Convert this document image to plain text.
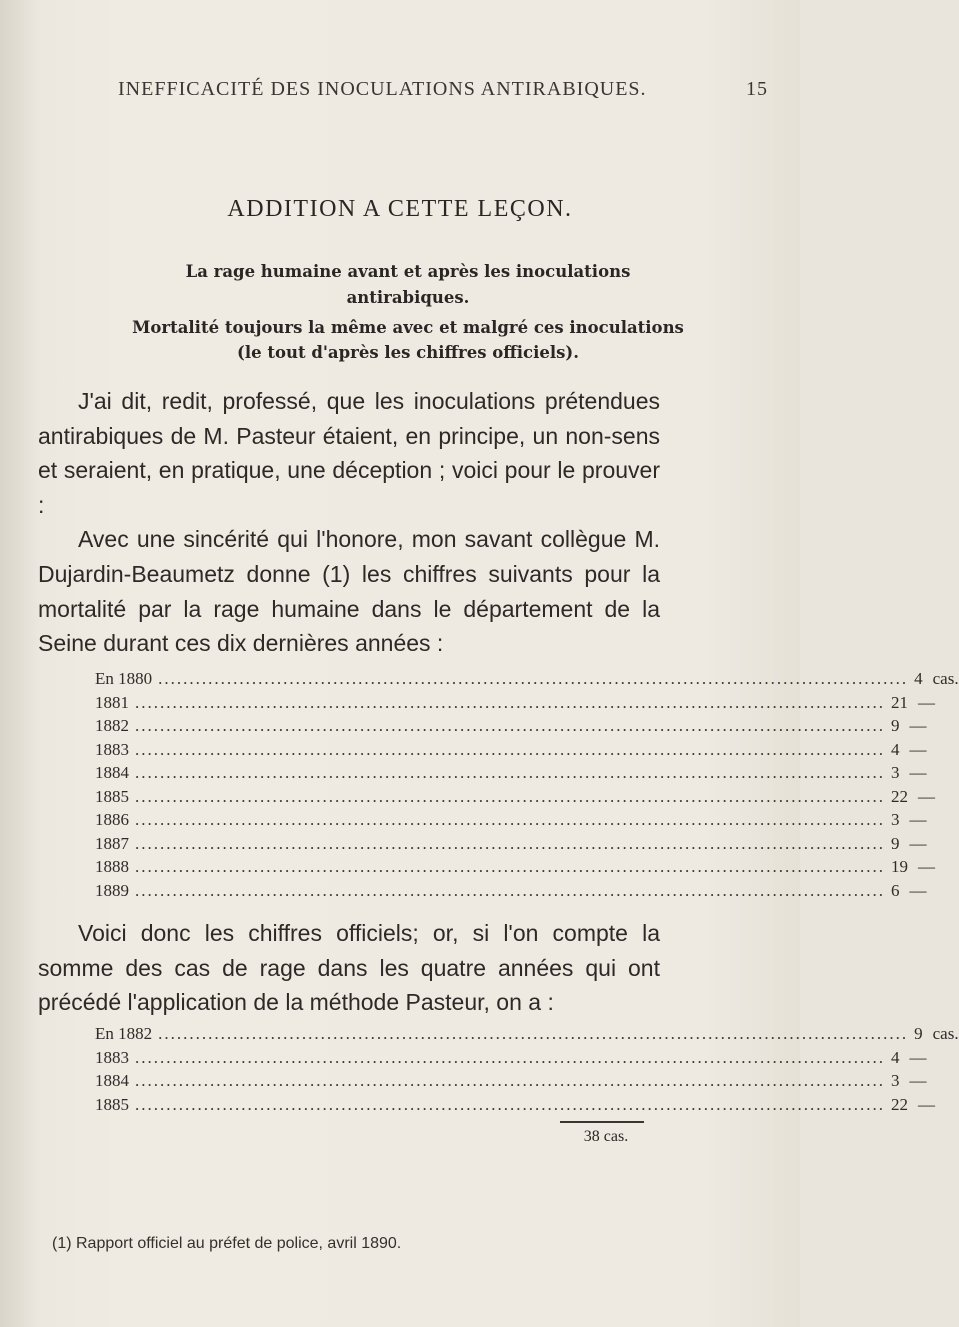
INEFFICACITÉ DES INOCULATIONS ANTIRABIQUES.	15
ADDITION A CETTE LEÇON.
La rage humaine avant et après les inoculations
antirabiques.
Mortalité toujours la même avec et malgré ces inoculations
(le tout d'après les chiffres officiels).

J'ai dit, redit, professé, que les inoculations prétendues antirabiques de M. Pasteur étaient, en principe, un non-sens et seraient, en pratique, une déception ; voici pour le prouver :

Avec une sincérité qui l'honore, mon savant collègue M. Dujardin-Beaumetz donne (1) les chiffres suivants pour la mortalité par la rage humaine dans le département de la Seine durant ces dix dernières années :

En 1880 ........................................................................................................................ 4 cas.
1881 ........................................................................................................................ 21 —
1882 ........................................................................................................................ 9 —
1883 ........................................................................................................................ 4 —
1884 ........................................................................................................................ 3 —
1885 ........................................................................................................................ 22 —
1886 ........................................................................................................................ 3 —
1887 ........................................................................................................................ 9 —
1888 ........................................................................................................................ 19 —
1889 ........................................................................................................................ 6 —

Voici donc les chiffres officiels; or, si l'on compte la somme des cas de rage dans les quatre années qui ont précédé l'application de la méthode Pasteur, on a :

En 1882 ........................................................................................................................ 9 cas.
1883 ........................................................................................................................ 4 —
1884 ........................................................................................................................ 3 —
1885 ........................................................................................................................ 22 —
38 cas.
(1) Rapport officiel au préfet de police, avril 1890.
